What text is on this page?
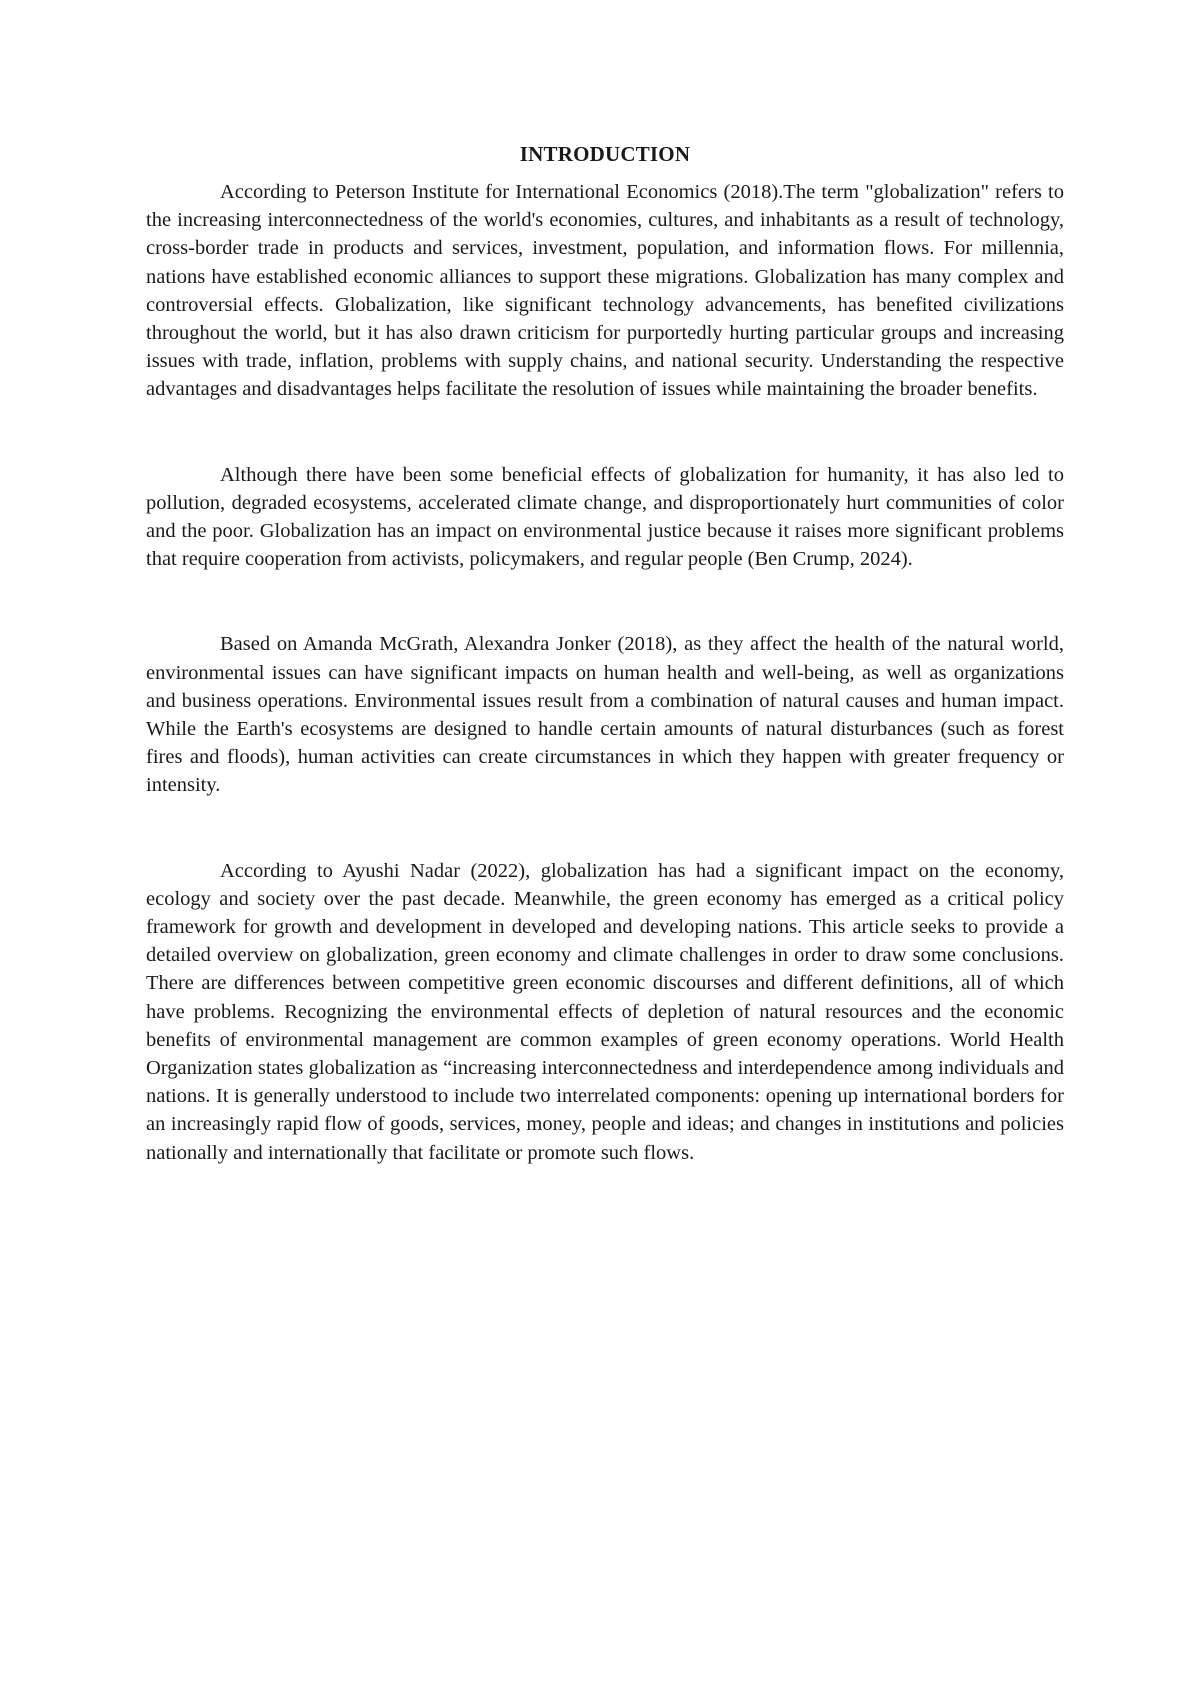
INTRODUCTION

According to Peterson Institute for International Economics (2018).The term "globalization" refers to the increasing interconnectedness of the world's economies, cultures, and inhabitants as a result of technology, cross-border trade in products and services, investment, population, and information flows. For millennia, nations have established economic alliances to support these migrations. Globalization has many complex and controversial effects. Globalization, like significant technology advancements, has benefited civilizations throughout the world, but it has also drawn criticism for purportedly hurting particular groups and increasing issues with trade, inflation, problems with supply chains, and national security. Understanding the respective advantages and disadvantages helps facilitate the resolution of issues while maintaining the broader benefits.

Although there have been some beneficial effects of globalization for humanity, it has also led to pollution, degraded ecosystems, accelerated climate change, and disproportionately hurt communities of color and the poor. Globalization has an impact on environmental justice because it raises more significant problems that require cooperation from activists, policymakers, and regular people (Ben Crump, 2024).

Based on Amanda McGrath, Alexandra Jonker (2018), as they affect the health of the natural world, environmental issues can have significant impacts on human health and well-being, as well as organizations and business operations. Environmental issues result from a combination of natural causes and human impact. While the Earth's ecosystems are designed to handle certain amounts of natural disturbances (such as forest fires and floods), human activities can create circumstances in which they happen with greater frequency or intensity.

According to Ayushi Nadar (2022), globalization has had a significant impact on the economy, ecology and society over the past decade. Meanwhile, the green economy has emerged as a critical policy framework for growth and development in developed and developing nations. This article seeks to provide a detailed overview on globalization, green economy and climate challenges in order to draw some conclusions. There are differences between competitive green economic discourses and different definitions, all of which have problems. Recognizing the environmental effects of depletion of natural resources and the economic benefits of environmental management are common examples of green economy operations. World Health Organization states globalization as “increasing interconnectedness and interdependence among individuals and nations. It is generally understood to include two interrelated components: opening up international borders for an increasingly rapid flow of goods, services, money, people and ideas; and changes in institutions and policies nationally and internationally that facilitate or promote such flows.
